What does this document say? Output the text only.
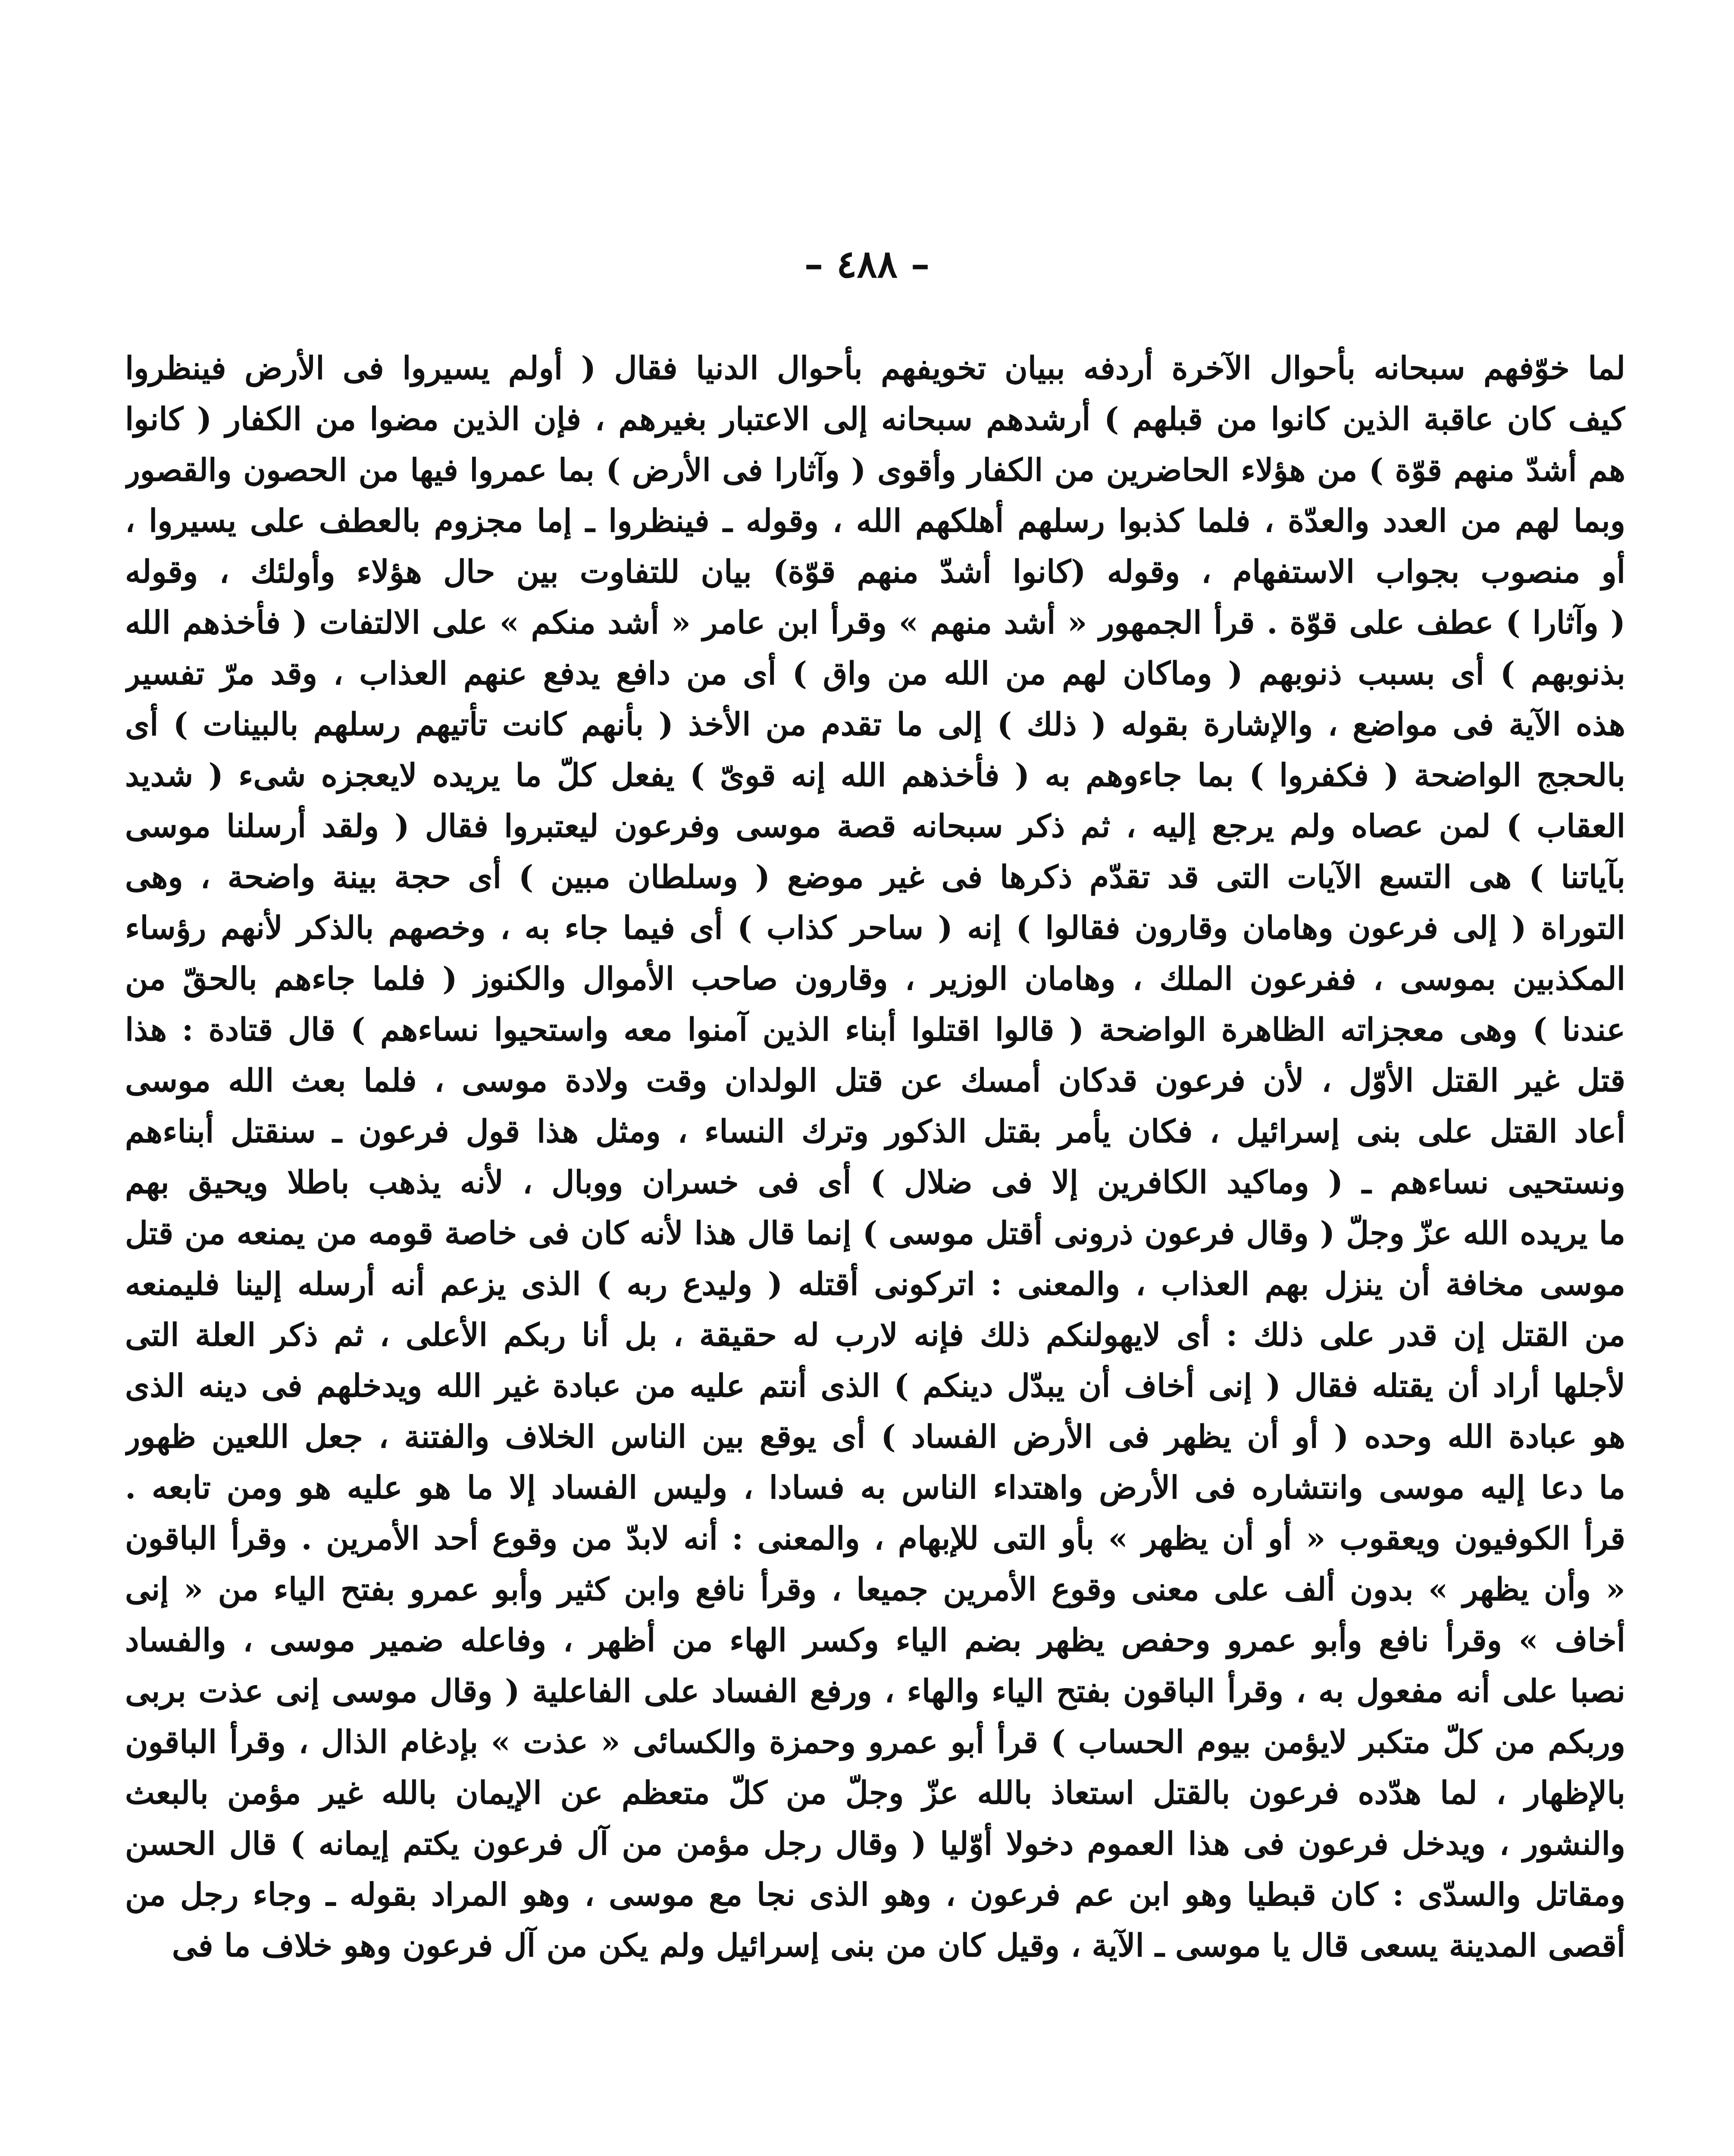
– ٤٨٨ –
لما خوّفهم سبحانه بأحوال الآخرة أردفه ببيان تخويفهم بأحوال الدنيا فقال ( أولم يسيروا فى الأرض فينظروا
كيف كان عاقبة الذين كانوا من قبلهم ) أرشدهم سبحانه إلى الاعتبار بغيرهم ، فإن الذين مضوا من الكفار ( كانوا
هم أشدّ منهم قوّة ) من هؤلاء الحاضرين من الكفار وأقوى ( وآثارا فى الأرض ) بما عمروا فيها من الحصون والقصور
وبما لهم من العدد والعدّة ، فلما كذبوا رسلهم أهلكهم الله ، وقوله ـ فينظروا ـ إما مجزوم بالعطف على يسيروا ،
أو منصوب بجواب الاستفهام ، وقوله (كانوا أشدّ منهم قوّة) بيان للتفاوت بين حال هؤلاء وأولئك ، وقوله
( وآثارا ) عطف على قوّة . قرأ الجمهور « أشد منهم » وقرأ ابن عامر « أشد منكم » على الالتفات ( فأخذهم الله
بذنوبهم ) أى بسبب ذنوبهم ( وماكان لهم من الله من واق ) أى من دافع يدفع عنهم العذاب ، وقد مرّ تفسير
هذه الآية فى مواضع ، والإشارة بقوله ( ذلك ) إلى ما تقدم من الأخذ ( بأنهم كانت تأتيهم رسلهم بالبينات ) أى
بالحجج الواضحة ( فكفروا ) بما جاءوهم به ( فأخذهم الله إنه قوىّ ) يفعل كلّ ما يريده لايعجزه شىء ( شديد
العقاب ) لمن عصاه ولم يرجع إليه ، ثم ذكر سبحانه قصة موسى وفرعون ليعتبروا فقال ( ولقد أرسلنا موسى
بآياتنا ) هى التسع الآيات التى قد تقدّم ذكرها فى غير موضع ( وسلطان مبين ) أى حجة بينة واضحة ، وهى
التوراة ( إلى فرعون وهامان وقارون فقالوا ) إنه ( ساحر كذاب ) أى فيما جاء به ، وخصهم بالذكر لأنهم رؤساء
المكذبين بموسى ، ففرعون الملك ، وهامان الوزير ، وقارون صاحب الأموال والكنوز ( فلما جاءهم بالحقّ من
عندنا ) وهى معجزاته الظاهرة الواضحة ( قالوا اقتلوا أبناء الذين آمنوا معه واستحيوا نساءهم ) قال قتادة : هذا
قتل غير القتل الأوّل ، لأن فرعون قدكان أمسك عن قتل الولدان وقت ولادة موسى ، فلما بعث الله موسى
أعاد القتل على بنى إسرائيل ، فكان يأمر بقتل الذكور وترك النساء ، ومثل هذا قول فرعون ـ سنقتل أبناءهم
ونستحيى نساءهم ـ ( وماكيد الكافرين إلا فى ضلال ) أى فى خسران ووبال ، لأنه يذهب باطلا ويحيق بهم
ما يريده الله عزّ وجلّ ( وقال فرعون ذرونى أقتل موسى ) إنما قال هذا لأنه كان فى خاصة قومه من يمنعه من قتل
موسى مخافة أن ينزل بهم العذاب ، والمعنى : اتركونى أقتله ( وليدع ربه ) الذى يزعم أنه أرسله إلينا فليمنعه
من القتل إن قدر على ذلك : أى لايهولنكم ذلك فإنه لارب له حقيقة ، بل أنا ربكم الأعلى ، ثم ذكر العلة التى
لأجلها أراد أن يقتله فقال ( إنى أخاف أن يبدّل دينكم ) الذى أنتم عليه من عبادة غير الله ويدخلهم فى دينه الذى
هو عبادة الله وحده ( أو أن يظهر فى الأرض الفساد ) أى يوقع بين الناس الخلاف والفتنة ، جعل اللعين ظهور
ما دعا إليه موسى وانتشاره فى الأرض واهتداء الناس به فسادا ، وليس الفساد إلا ما هو عليه هو ومن تابعه .
قرأ الكوفيون ويعقوب « أو أن يظهر » بأو التى للإبهام ، والمعنى : أنه لابدّ من وقوع أحد الأمرين . وقرأ الباقون
« وأن يظهر » بدون ألف على معنى وقوع الأمرين جميعا ، وقرأ نافع وابن كثير وأبو عمرو بفتح الياء من « إنى
أخاف » وقرأ نافع وأبو عمرو وحفص يظهر بضم الياء وكسر الهاء من أظهر ، وفاعله ضمير موسى ، والفساد
نصبا على أنه مفعول به ، وقرأ الباقون بفتح الياء والهاء ، ورفع الفساد على الفاعلية ( وقال موسى إنى عذت بربى
وربكم من كلّ متكبر لايؤمن بيوم الحساب ) قرأ أبو عمرو وحمزة والكسائى « عذت » بإدغام الذال ، وقرأ الباقون
بالإظهار ، لما هدّده فرعون بالقتل استعاذ بالله عزّ وجلّ من كلّ متعظم عن الإيمان بالله غير مؤمن بالبعث
والنشور ، ويدخل فرعون فى هذا العموم دخولا أوّليا ( وقال رجل مؤمن من آل فرعون يكتم إيمانه ) قال الحسن
ومقاتل والسدّى : كان قبطيا وهو ابن عم فرعون ، وهو الذى نجا مع موسى ، وهو المراد بقوله ـ وجاء رجل من
أقصى المدينة يسعى قال يا موسى ـ الآية ، وقيل كان من بنى إسرائيل ولم يكن من آل فرعون وهو خلاف ما فى
